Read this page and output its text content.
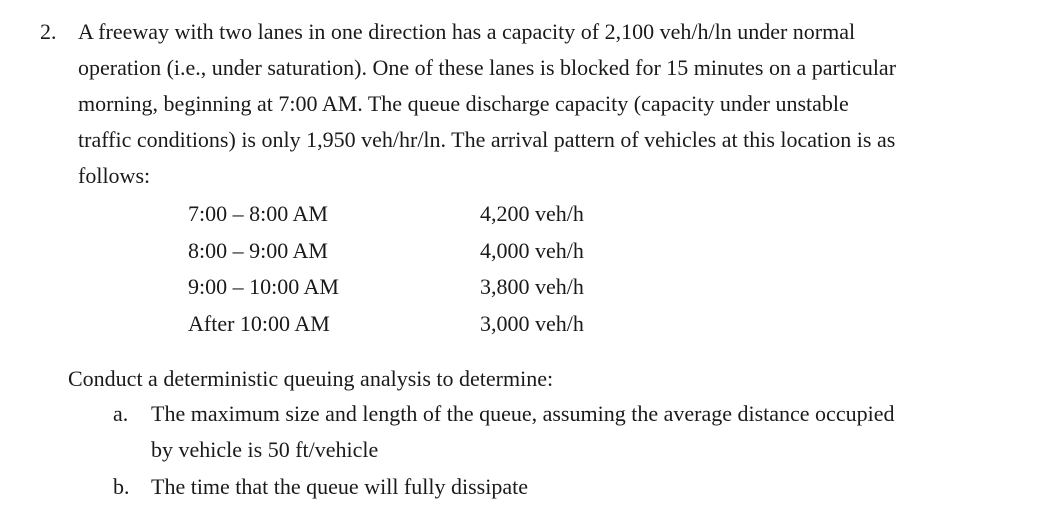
2. A freeway with two lanes in one direction has a capacity of 2,100 veh/h/ln under normal
operation (i.e., under saturation). One of these lanes is blocked for 15 minutes on a particular
morning, beginning at 7:00 AM. The queue discharge capacity (capacity under unstable
traffic conditions) is only 1,950 veh/hr/ln. The arrival pattern of vehicles at this location is as
follows:
7:00 – 8:00 AM	4,200 veh/h
8:00 – 9:00 AM	4,000 veh/h
9:00 – 10:00 AM	3,800 veh/h
After 10:00 AM	3,000 veh/h
Conduct a deterministic queuing analysis to determine:
a. The maximum size and length of the queue, assuming the average distance occupied
by vehicle is 50 ft/vehicle
b. The time that the queue will fully dissipate
